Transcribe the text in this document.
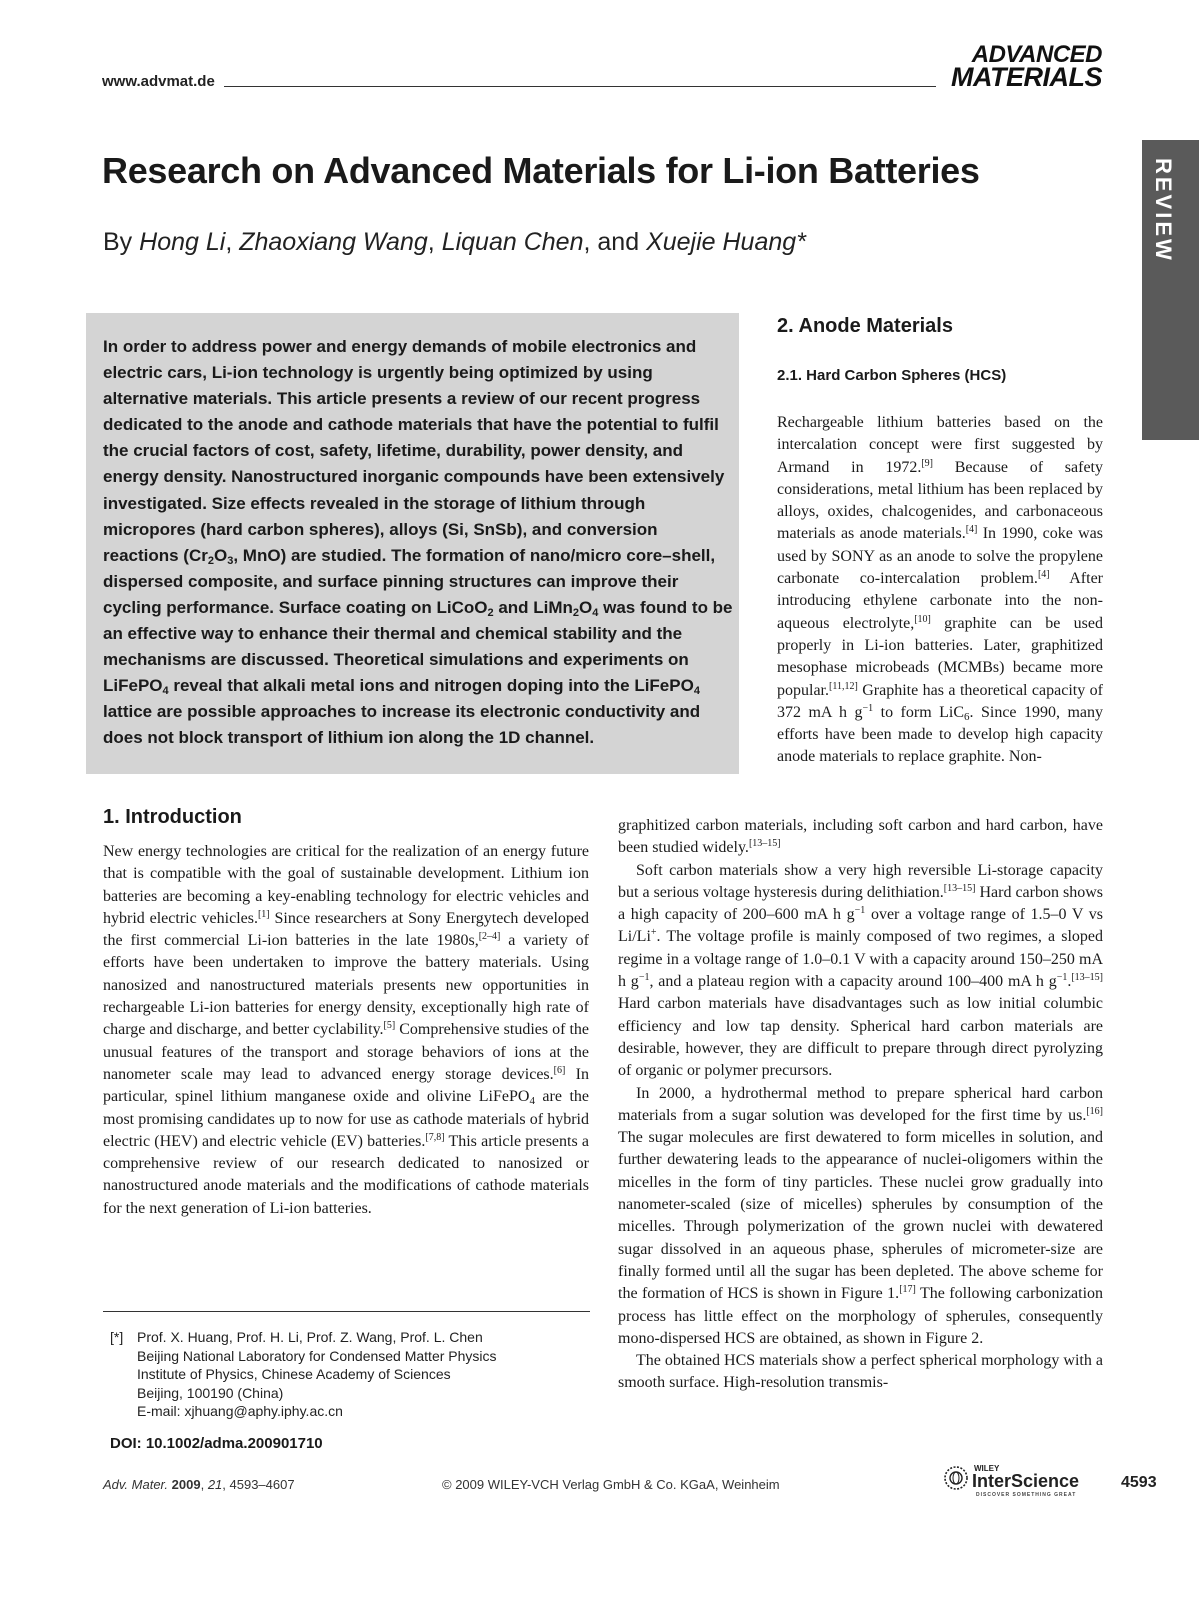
www.advmat.de
ADVANCED
MATERIALS
REVIEW
Research on Advanced Materials for Li-ion Batteries
By Hong Li, Zhaoxiang Wang, Liquan Chen, and Xuejie Huang*
In order to address power and energy demands of mobile electronics and electric cars, Li-ion technology is urgently being optimized by using alternative materials. This article presents a review of our recent progress dedicated to the anode and cathode materials that have the potential to fulfil the crucial factors of cost, safety, lifetime, durability, power density, and energy density. Nanostructured inorganic compounds have been extensively investigated. Size effects revealed in the storage of lithium through micropores (hard carbon spheres), alloys (Si, SnSb), and conversion reactions ($Cr_2O_3$, MnO) are studied. The formation of nano/micro core–shell, dispersed composite, and surface pinning structures can improve their cycling performance. Surface coating on LiCoO$_2$ and $LiMn_2O_4$ was found to be an effective way to enhance their thermal and chemical stability and the mechanisms are discussed. Theoretical simulations and experiments on LiFePO$_4$ reveal that alkali metal ions and nitrogen doping into the LiFePO$_4$ lattice are possible approaches to increase its electronic conductivity and does not block transport of lithium ion along the 1D channel.
1. Introduction
New energy technologies are critical for the realization of an energy future that is compatible with the goal of sustainable development. Lithium ion batteries are becoming a key-enabling technology for electric vehicles and hybrid electric vehicles.[1] Since researchers at Sony Energytech developed the first commercial Li-ion batteries in the late 1980s,[2–4] a variety of efforts have been undertaken to improve the battery materials. Using nanosized and nanostructured materials presents new opportunities in rechargeable Li-ion batteries for energy density, exceptionally high rate of charge and discharge, and better cyclability.[5] Comprehensive studies of the unusual features of the transport and storage behaviors of ions at the nanometer scale may lead to advanced energy storage devices.[6] In particular, spinel lithium manganese oxide and olivine LiFePO$_4$ are the most promising candidates up to now for use as cathode materials of hybrid electric (HEV) and electric vehicle (EV) batteries.[7,8] This article presents a comprehensive review of our research dedicated to nanosized or nanostructured anode materials and the modifications of cathode materials for the next generation of Li-ion batteries.
[*] Prof. X. Huang, Prof. H. Li, Prof. Z. Wang, Prof. L. Chen
Beijing National Laboratory for Condensed Matter Physics
Institute of Physics, Chinese Academy of Sciences
Beijing, 100190 (China)
E-mail: xjhuang@aphy.iphy.ac.cn
DOI: 10.1002/adma.200901710
2. Anode Materials
2.1. Hard Carbon Spheres (HCS)
Rechargeable lithium batteries based on the intercalation concept were first suggested by Armand in 1972.[9] Because of safety considerations, metal lithium has been replaced by alloys, oxides, chalcogenides, and carbonaceous materials as anode materials.[4] In 1990, coke was used by SONY as an anode to solve the propylene carbonate co-intercalation problem.[4] After introducing ethylene carbonate into the non-aqueous electrolyte,[10] graphite can be used properly in Li-ion batteries. Later, graphitized mesophase microbeads (MCMBs) became more popular.[11,12] Graphite has a theoretical capacity of 372 mA h $g^{-1}$ to form LiC$_6$. Since 1990, many efforts have been made to develop high capacity anode materials to replace graphite. Non-

graphitized carbon materials, including soft carbon and hard carbon, have been studied widely.[13–15]

Soft carbon materials show a very high reversible Li-storage capacity but a serious voltage hysteresis during delithiation.[13–15] Hard carbon shows a high capacity of 200–600 mA h $g^{-1}$ over a voltage range of 1.5–0 V vs Li/Li+. The voltage profile is mainly composed of two regimes, a sloped regime in a voltage range of 1.0–0.1 V with a capacity around 150–250 mA h $g^{-1}$, and a plateau region with a capacity around 100–400 mA h $g^{-1}.[13-15]$ Hard carbon materials have disadvantages such as low initial columbic efficiency and low tap density. Spherical hard carbon materials are desirable, however, they are difficult to prepare through direct pyrolyzing of organic or polymer precursors.

In 2000, a hydrothermal method to prepare spherical hard carbon materials from a sugar solution was developed for the first time by us.[16] The sugar molecules are first dewatered to form micelles in solution, and further dewatering leads to the appearance of nuclei-oligomers within the micelles in the form of tiny particles. These nuclei grow gradually into nanometer-scaled (size of micelles) spherules by consumption of the micelles. Through polymerization of the grown nuclei with dewatered sugar dissolved in an aqueous phase, spherules of micrometer-size are finally formed until all the sugar has been depleted. The above scheme for the formation of HCS is shown in Figure 1.[17] The following carbonization process has little effect on the morphology of spherules, consequently mono-dispersed HCS are obtained, as shown in Figure 2.

The obtained HCS materials show a perfect spherical morphology with a smooth surface. High-resolution transmis-

Adv. Mater. 2009, 21, 4593–4607	© 2009 WILEY-VCH Verlag GmbH & Co. KGaA, Weinheim
WILEY
InterScience
DISCOVER SOMETHING GREAT
4593
